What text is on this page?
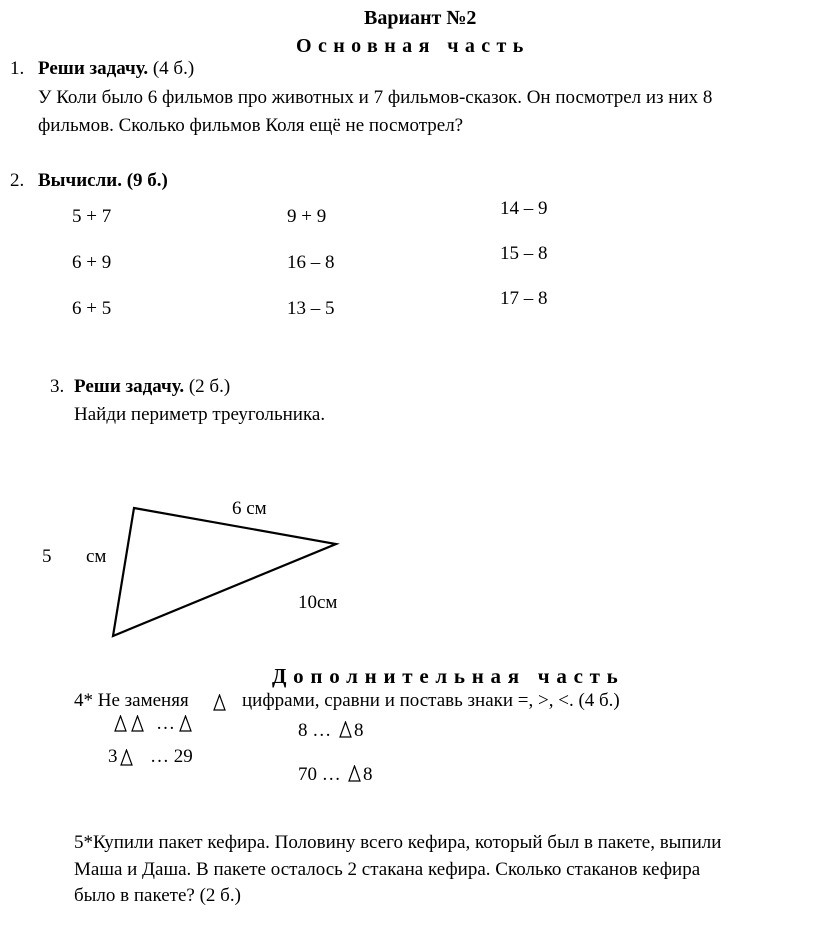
Вариант №2
Основная часть
1. Реши задачу. (4 б.)
У Коли было 6 фильмов про животных и 7 фильмов-сказок. Он посмотрел из них 8
фильмов. Сколько фильмов Коля ещё не посмотрел?
2. Вычисли. (9 б.)
5 + 7
6 + 9
6 + 5
9 + 9
16 – 8
13 – 5
14 – 9
15 – 8
17 – 8
3. Реши задачу. (2 б.)
Найди периметр треугольника.
6 см
5 см
10см
Дополнительная часть
4* Не заменяя	цифрами, сравни и поставь знаки =, >, <. (4 б.)
…
3 … 29
8 … 8
70 … 8
5*Купили пакет кефира. Половину всего кефира, который был в пакете, выпили
Маша и Даша. В пакете осталось 2 стакана кефира. Сколько стаканов кефира
было в пакете? (2 б.)
